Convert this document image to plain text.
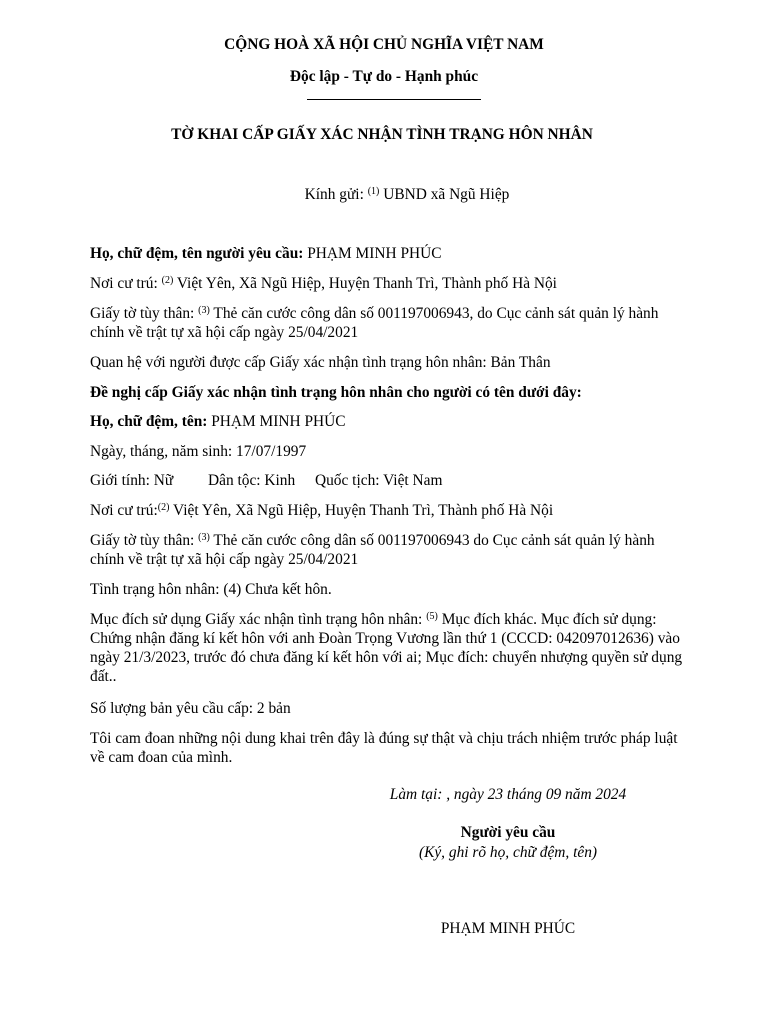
CỘNG HOÀ XÃ HỘI CHỦ NGHĨA VIỆT NAM
Độc lập - Tự do - Hạnh phúc
TỜ KHAI CẤP GIẤY XÁC NHẬN TÌNH TRẠNG HÔN NHÂN
Kính gửi: $^{(1)}$ UBND xã Ngũ Hiệp
Họ, chữ đệm, tên người yêu cầu: PHẠM MINH PHÚC
Nơi cư trú: $^{(2)}$ Việt Yên, Xã Ngũ Hiệp, Huyện Thanh Trì, Thành phố Hà Nội
Giấy tờ tùy thân: $^{(3)}$ Thẻ căn cước công dân số 001197006943, do Cục cảnh sát quản lý hành chính về trật tự xã hội cấp ngày 25/04/2021
Quan hệ với người được cấp Giấy xác nhận tình trạng hôn nhân: Bản Thân
Đề nghị cấp Giấy xác nhận tình trạng hôn nhân cho người có tên dưới đây:
Họ, chữ đệm, tên: PHẠM MINH PHÚC
Ngày, tháng, năm sinh: 17/07/1997
Giới tính: Nữ Dân tộc: Kinh Quốc tịch: Việt Nam
Nơi cư trú:$^{(2)}$ Việt Yên, Xã Ngũ Hiệp, Huyện Thanh Trì, Thành phố Hà Nội
Giấy tờ tùy thân: $^{(3)}$ Thẻ căn cước công dân số 001197006943 do Cục cảnh sát quản lý hành chính về trật tự xã hội cấp ngày 25/04/2021
Tình trạng hôn nhân: (4) Chưa kết hôn.
Mục đích sử dụng Giấy xác nhận tình trạng hôn nhân: $^{(5)}$ Mục đích khác. Mục đích sử dụng: Chứng nhận đăng kí kết hôn với anh Đoàn Trọng Vương lần thứ 1 (CCCD: 042097012636) vào ngày 21/3/2023, trước đó chưa đăng kí kết hôn với ai; Mục đích: chuyển nhượng quyền sử dụng đất..
Số lượng bản yêu cầu cấp: 2 bản
Tôi cam đoan những nội dung khai trên đây là đúng sự thật và chịu trách nhiệm trước pháp luật về cam đoan của mình.
Làm tại: , ngày 23 tháng 09 năm 2024
Người yêu cầu
(Ký, ghi rõ họ, chữ đệm, tên)
PHẠM MINH PHÚC
